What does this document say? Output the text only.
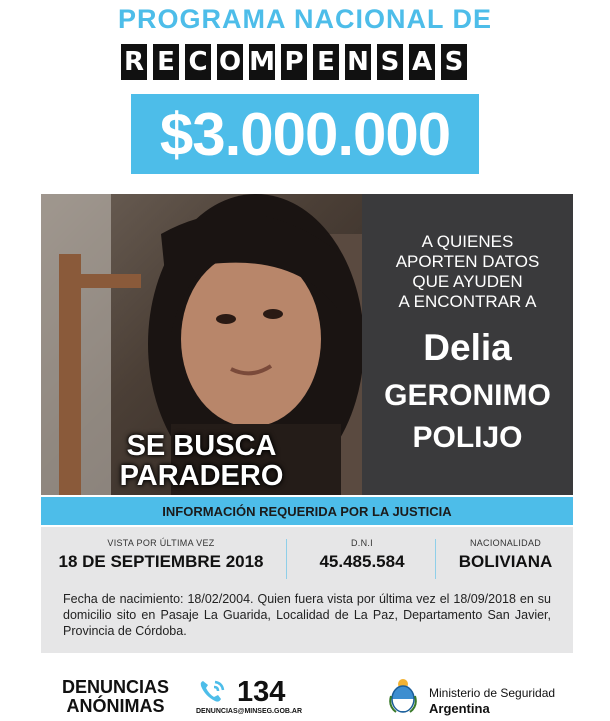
PROGRAMA NACIONAL DE
R E C O M P E N S A S
$3.000.000
SE BUSCA
PARADERO
A QUIENES
APORTEN DATOS
QUE AYUDEN
A ENCONTRAR A
Delia
GERONIMO
POLIJO
INFORMACIÓN REQUERIDA POR LA JUSTICIA
VISTA POR ÚLTIMA VEZ
18 DE SEPTIEMBRE 2018
D.N.I
45.485.584
NACIONALIDAD
BOLIVIANA
Fecha de nacimiento: 18/02/2004. Quien fuera vista por última vez el 18/09/2018 en su domicilio sito en Pasaje La Guarida, Localidad de La Paz, Departamento San Javier, Provincia de Córdoba.
DENUNCIAS
ANÓNIMAS	134
DENUNCIAS@MINSEG.GOB.AR
Ministerio de Seguridad
Argentina
